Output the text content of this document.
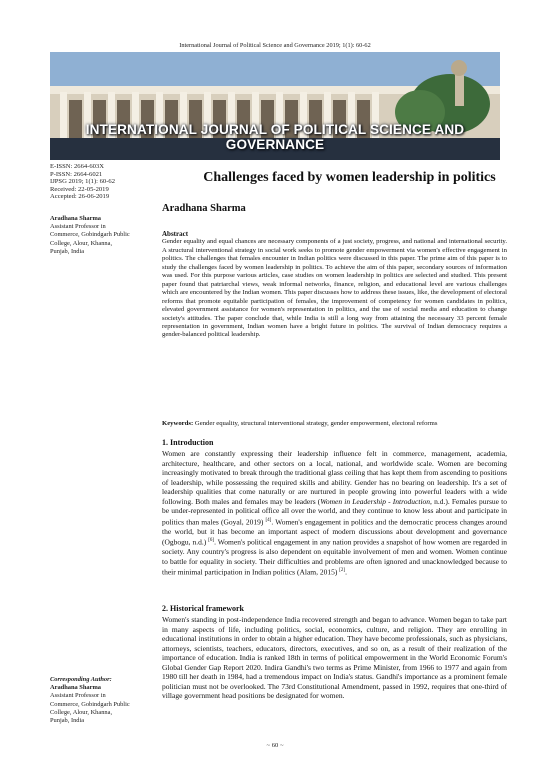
International Journal of Political Science and Governance 2019; 1(1): 60-62
INTERNATIONAL JOURNAL OF POLITICAL SCIENCE AND GOVERNANCE
E-ISSN: 2664-603X
P-ISSN: 2664-6021
IJPSG 2019; 1(1): 60-62
Received: 22-05-2019
Accepted: 26-06-2019
Aradhana Sharma
Assistant Professor in
Commerce, Gobindgarh Public
College, Alour, Khanna,
Punjab, India
Challenges faced by women leadership in politics
Aradhana Sharma
Abstract
Gender equality and equal chances are necessary components of a just society, progress, and national and international security. A structural interventional strategy in social work seeks to promote gender empowerment via women's effective engagement in politics. The challenges that females encounter in Indian politics were discussed in this paper. The prime aim of this paper is to study the challenges faced by women leadership in politics. To achieve the aim of this paper, secondary sources of information was used. For this purpose various articles, case studies on women leadership in politics are selected and studied. This present paper found that patriarchal views, weak informal networks, finance, religion, and educational level are various challenges which are encountered by the Indian women. This paper discusses how to address these issues, like, the development of electoral reforms that promote equitable participation of females, the improvement of competency for women candidates in politics, elevated government assistance for women's representation in politics, and the use of social media and education to change society's attitudes. The paper conclude that, while India is still a long way from attaining the necessary 33 percent female representation in government, Indian women have a bright future in politics. The survival of Indian democracy requires a gender-balanced political leadership.
Keywords: Gender equality, structural interventional strategy, gender empowerment, electoral reforms
1. Introduction
Women are constantly expressing their leadership influence felt in commerce, management, academia, architecture, healthcare, and other sectors on a local, national, and worldwide scale. Women are becoming increasingly motivated to break through the traditional glass ceiling that has kept them from ascending to positions of leadership, while possessing the required skills and ability. Gender has no bearing on leadership. It's a set of leadership qualities that come naturally or are nurtured in people growing into powerful leaders with a wide following. Both males and females may be leaders (Women in Leadership - Introduction, n.d.). Females pursue to be under-represented in political office all over the world, and they continue to know less about and participate in politics than males (Goyal, 2019) [4]. Women's engagement in politics and the democratic process changes around the world, but it has become an important aspect of modern discussions about development and governance (Ogbogu, n.d.) [6]. Women's political engagement in any nation provides a snapshot of how women are regarded in society. Any country's progress is also dependent on equitable involvement of men and women. Women continue to battle for equality in society. Their difficulties and problems are often ignored and unacknowledged because to their minimal participation in Indian politics (Alam, 2015) [2].
2. Historical framework
Women's standing in post-independence India recovered strength and began to advance. Women began to take part in many aspects of life, including politics, social, economics, culture, and religion. They are enrolling in educational institutions in order to obtain a higher education. They have become professionals, such as physicians, attorneys, scientists, teachers, educators, directors, executives, and so on, as a result of their realization of the importance of education. India is ranked 18th in terms of political empowerment in the World Economic Forum's Global Gender Gap Report 2020. Indira Gandhi's two terms as Prime Minister, from 1966 to 1977 and again from 1980 till her death in 1984, had a tremendous impact on India's status. Gandhi's importance as a prominent female politician must not be overlooked. The 73rd Constitutional Amendment, passed in 1992, requires that one-third of village government head positions be designated for women.
Corresponding Author:
Aradhana Sharma
Assistant Professor in
Commerce, Gobindgarh Public
College, Alour, Khanna,
Punjab, India
~ 60 ~
